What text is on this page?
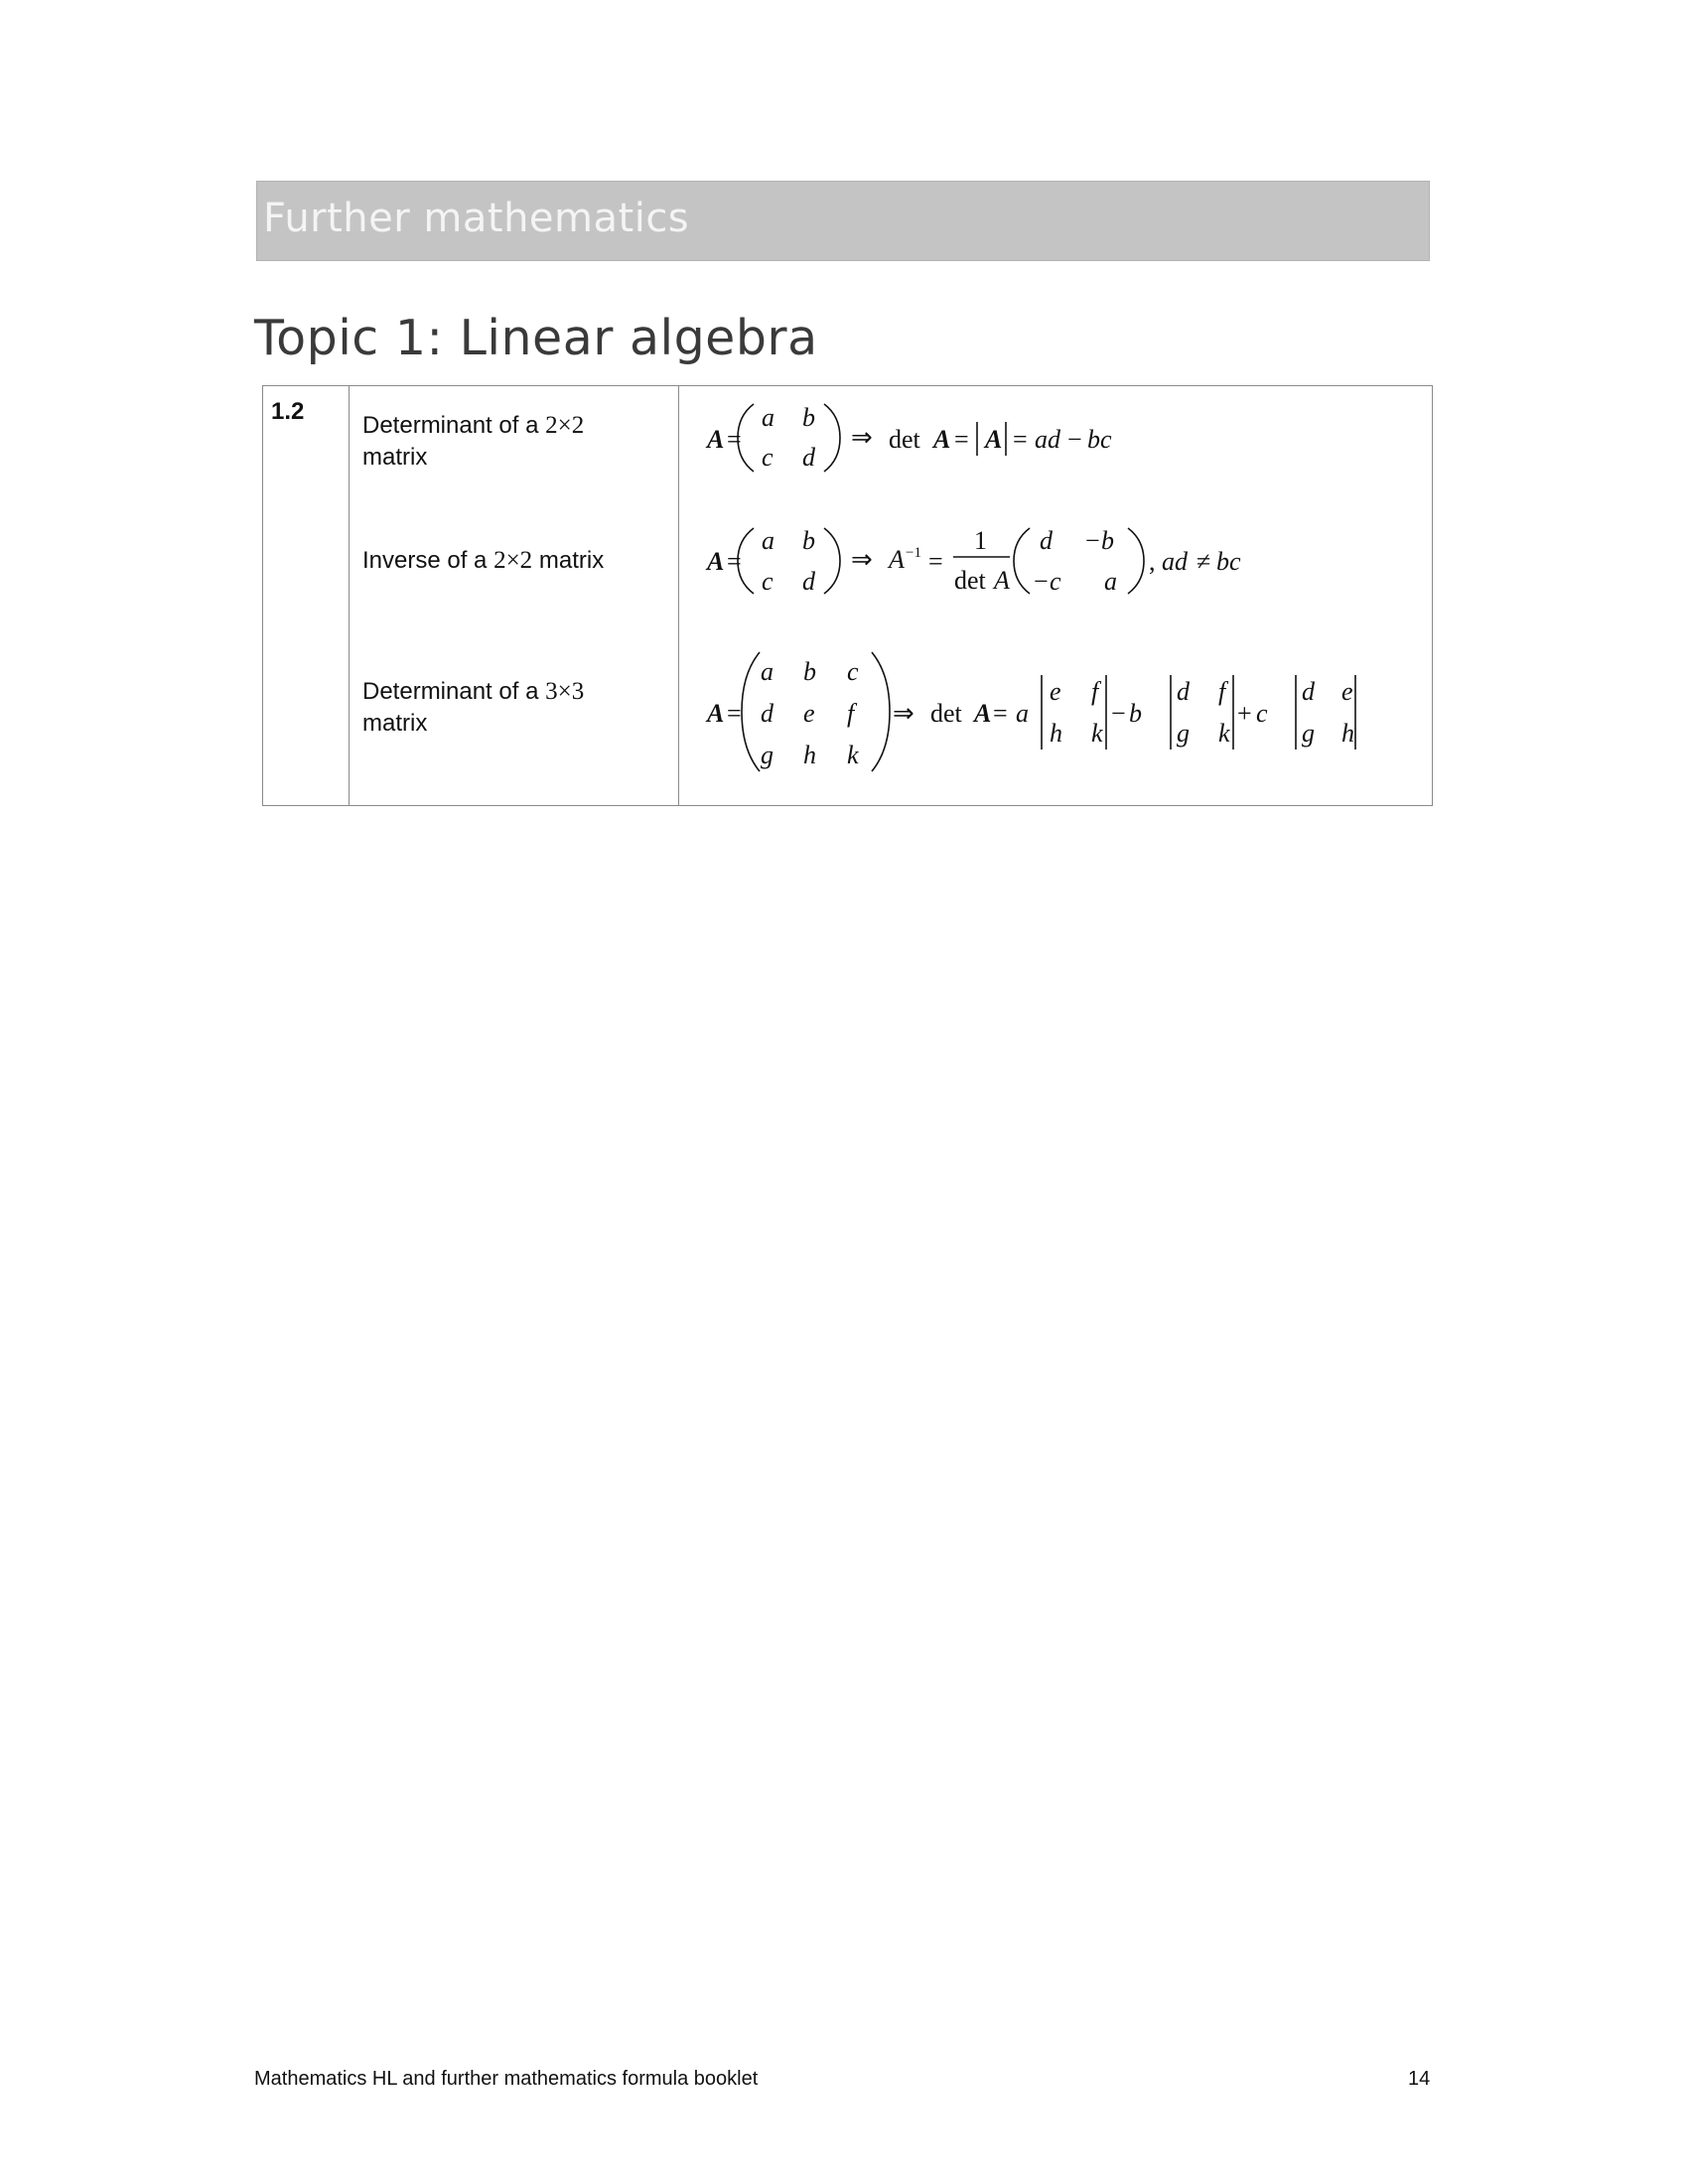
Further mathematics
Topic 1: Linear algebra
1.2
Determinant of a 2×2
matrix
Inverse of a 2×2 matrix
Determinant of a 3×3
matrix
A =
a b
c d
⇒ det A = A = ad − bc
A =
a b
c d
⇒ A −1 =
1
det A
d − b
− c a
, ad ≠ bc
A =
a b c
d e f
g h k
⇒ det A = a
e f
h k
− b
d f
g k
+ c
d e
g h
Mathematics HL and further mathematics formula booklet	14
